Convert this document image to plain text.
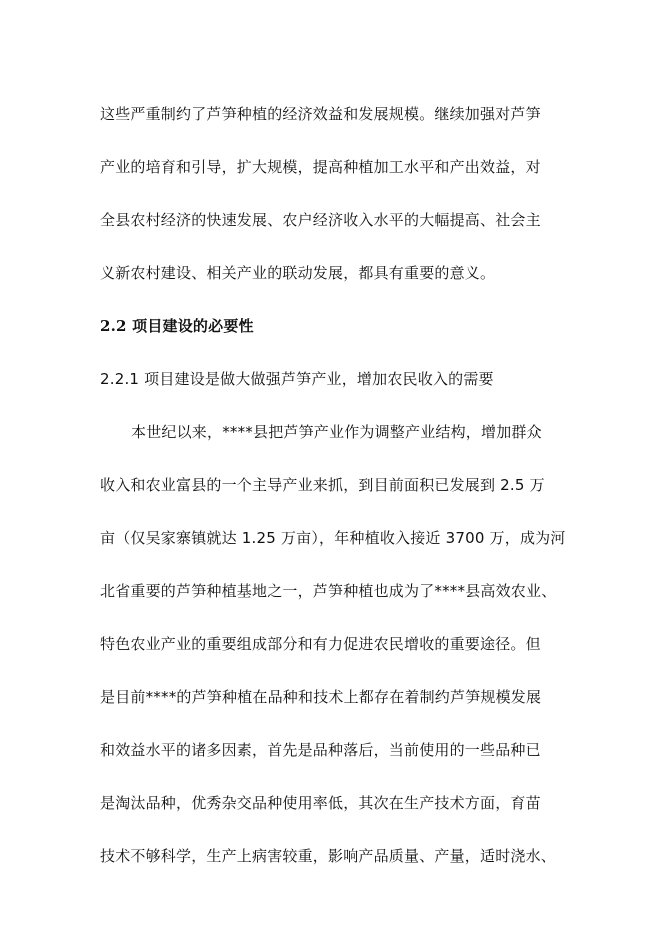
这些严重制约了芦笋种植的经济效益和发展规模。继续加强对芦笋
产业的培育和引导，扩大规模，提高种植加工水平和产出效益，对
全县农村经济的快速发展、农户经济收入水平的大幅提高、社会主
义新农村建设、相关产业的联动发展，都具有重要的意义。
2.2 项目建设的必要性
2.2.1 项目建设是做大做强芦笋产业，增加农民收入的需要
本世纪以来，****县把芦笋产业作为调整产业结构，增加群众
收入和农业富县的一个主导产业来抓，到目前面积已发展到 2.5 万
亩（仅吴家寨镇就达 1.25 万亩），年种植收入接近 3700 万，成为河
北省重要的芦笋种植基地之一，芦笋种植也成为了****县高效农业、
特色农业产业的重要组成部分和有力促进农民增收的重要途径。但
是目前****的芦笋种植在品种和技术上都存在着制约芦笋规模发展
和效益水平的诸多因素，首先是品种落后，当前使用的一些品种已
是淘汰品种，优秀杂交品种使用率低，其次在生产技术方面，育苗
技术不够科学，生产上病害较重，影响产品质量、产量，适时浇水、
